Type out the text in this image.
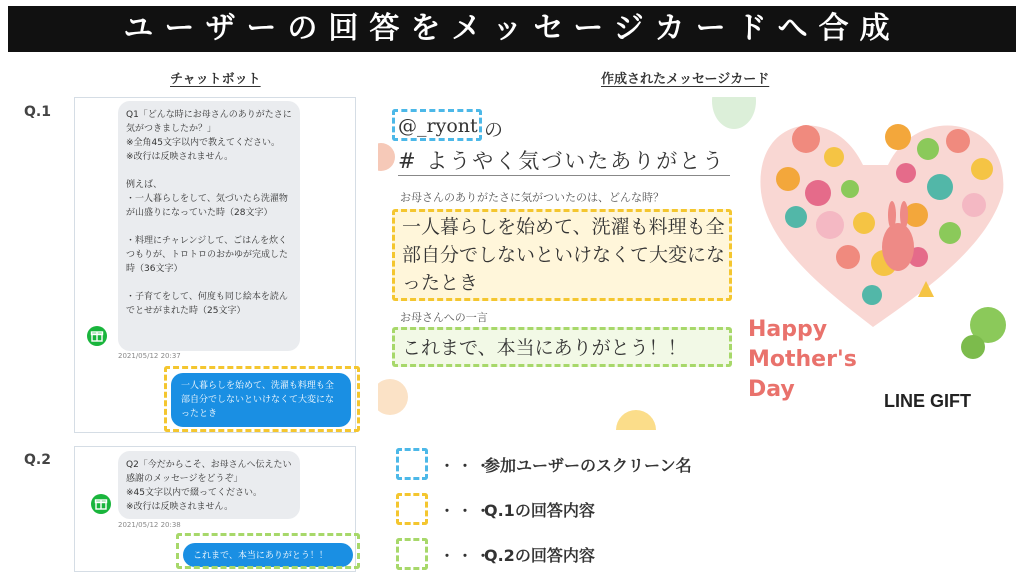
ユーザーの回答をメッセージカードへ合成
チャットボット	作成されたメッセージカード
Q.1	Q1「どんな時にお母さんのありがたさに気がつきましたか？」
※全角45文字以内で教えてください。
※改行は反映されません。

例えば、
・一人暮らしをして、気づいたら洗濯物が山盛りになっていた時（28文字）

・料理にチャレンジして、ごはんを炊くつもりが、トロトロのおかゆが完成した時（36文字）

・子育てをして、何度も同じ絵本を読んでとせがまれた時（25文字）
2021/05/12 20:37
一人暮らしを始めて、洗濯も料理も全部自分でしないといけなくて大変になったとき
Q.2	Q2「今だからこそ、お母さんへ伝えたい感謝のメッセージをどうぞ」
※45文字以内で綴ってください。
※改行は反映されません。
2021/05/12 20:38
これまで、本当にありがとう！！
@_ryont の
# ようやく気づいたありがとう
お母さんのありがたさに気がついたのは、どんな時？
一人暮らしを始めて、洗濯も料理も全部自分でしないといけなくて大変になったとき
お母さんへの一言
これまで、本当にありがとう！！
Happy
Mother's
Day	LINE GIFT
・・・
参加ユーザーのスクリーン名
・・・
Q.1の回答内容
・・・
Q.2の回答内容
